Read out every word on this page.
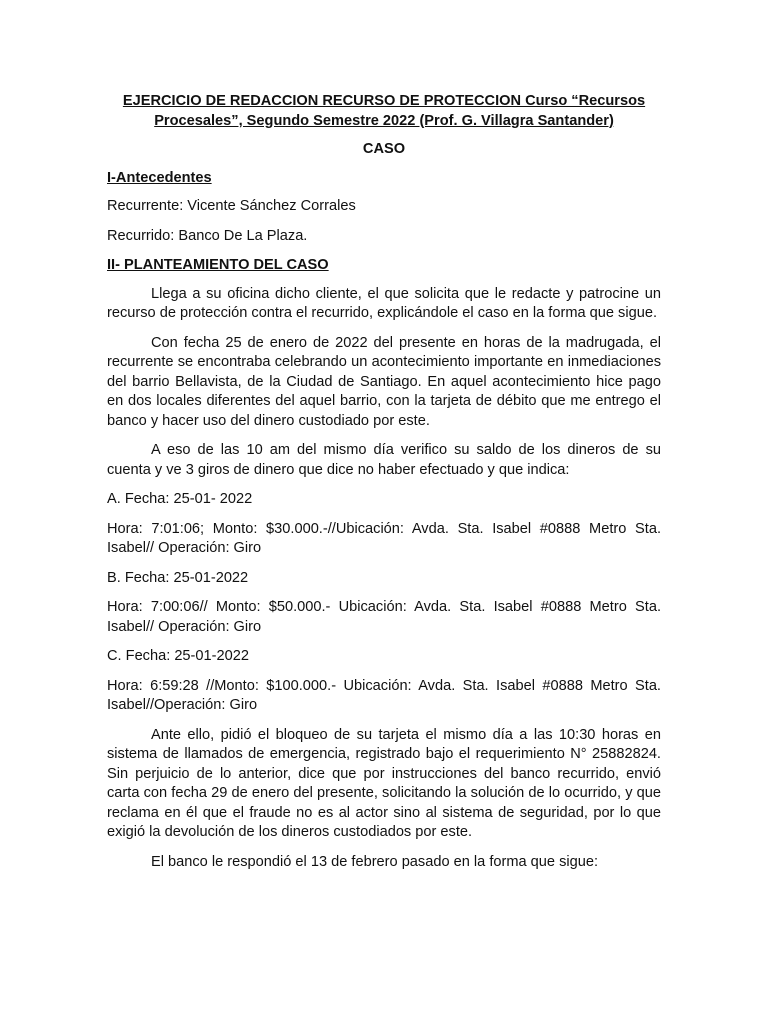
EJERCICIO DE REDACCION RECURSO DE PROTECCION Curso “Recursos Procesales”, Segundo Semestre 2022 (Prof. G. Villagra Santander)
CASO
I-Antecedentes

Recurrente: Vicente Sánchez Corrales

Recurrido: Banco De La Plaza.

II- PLANTEAMIENTO DEL CASO

Llega a su oficina dicho cliente, el que solicita que le redacte y patrocine un recurso de protección contra el recurrido, explicándole el caso en la forma que sigue.

Con fecha 25 de enero de 2022 del presente en horas de la madrugada, el recurrente se encontraba celebrando un acontecimiento importante en inmediaciones del barrio Bellavista, de la Ciudad de Santiago. En aquel acontecimiento hice pago en dos locales diferentes del aquel barrio, con la tarjeta de débito que me entrego el banco y hacer uso del dinero custodiado por este.

A eso de las 10 am del mismo día verifico su saldo de los dineros de su cuenta y ve 3 giros de dinero que dice no haber efectuado y que indica:

A. Fecha: 25-01- 2022

Hora: 7:01:06; Monto: $30.000.-//Ubicación: Avda. Sta. Isabel #0888 Metro Sta. Isabel// Operación: Giro

B. Fecha: 25-01-2022

Hora: 7:00:06// Monto: $50.000.- Ubicación: Avda. Sta. Isabel #0888 Metro Sta. Isabel// Operación: Giro

C. Fecha: 25-01-2022

Hora: 6:59:28 //Monto: $100.000.- Ubicación: Avda. Sta. Isabel #0888 Metro Sta. Isabel//Operación: Giro

Ante ello, pidió el bloqueo de su tarjeta el mismo día a las 10:30 horas en sistema de llamados de emergencia, registrado bajo el requerimiento N° 25882824. Sin perjuicio de lo anterior, dice que por instrucciones del banco recurrido, envió carta con fecha 29 de enero del presente, solicitando la solución de lo ocurrido, y que reclama en él que el fraude no es al actor sino al sistema de seguridad, por lo que exigió la devolución de los dineros custodiados por este.

El banco le respondió el 13 de febrero pasado en la forma que sigue:
